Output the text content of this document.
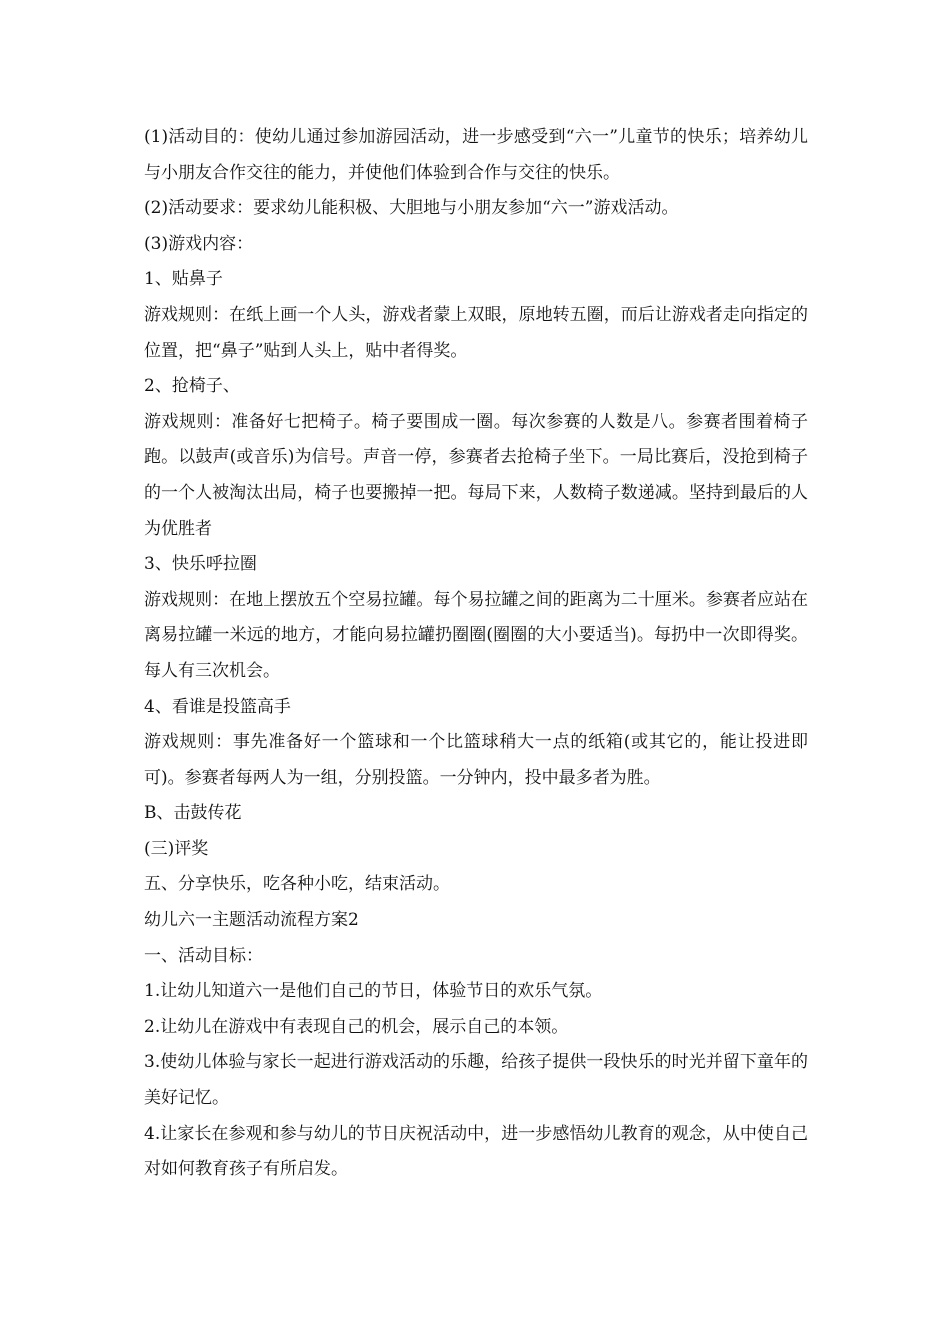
(1)活动目的：使幼儿通过参加游园活动，进一步感受到“六一”儿童节的快乐；培养幼儿与小朋友合作交往的能力，并使他们体验到合作与交往的快乐。

(2)活动要求：要求幼儿能积极、大胆地与小朋友参加“六一”游戏活动。

(3)游戏内容：

1、贴鼻子

游戏规则：在纸上画一个人头，游戏者蒙上双眼，原地转五圈，而后让游戏者走向指定的位置，把“鼻子”贴到人头上，贴中者得奖。

2、抢椅子、

游戏规则：准备好七把椅子。椅子要围成一圈。每次参赛的人数是八。参赛者围着椅子跑。以鼓声(或音乐)为信号。声音一停，参赛者去抢椅子坐下。一局比赛后，没抢到椅子的一个人被淘汰出局，椅子也要搬掉一把。每局下来，人数椅子数递减。坚持到最后的人为优胜者

3、快乐呼拉圈

游戏规则：在地上摆放五个空易拉罐。每个易拉罐之间的距离为二十厘米。参赛者应站在离易拉罐一米远的地方，才能向易拉罐扔圈圈(圈圈的大小要适当)。每扔中一次即得奖。每人有三次机会。

4、看谁是投篮高手

游戏规则：事先准备好一个篮球和一个比篮球稍大一点的纸箱(或其它的，能让投进即可)。参赛者每两人为一组，分别投篮。一分钟内，投中最多者为胜。

B、击鼓传花

(三)评奖

五、分享快乐，吃各种小吃，结束活动。

幼儿六一主题活动流程方案2

一、活动目标：

1.让幼儿知道六一是他们自己的节日，体验节日的欢乐气氛。

2.让幼儿在游戏中有表现自己的机会，展示自己的本领。

3.使幼儿体验与家长一起进行游戏活动的乐趣，给孩子提供一段快乐的时光并留下童年的美好记忆。

4.让家长在参观和参与幼儿的节日庆祝活动中，进一步感悟幼儿教育的观念，从中使自己对如何教育孩子有所启发。
